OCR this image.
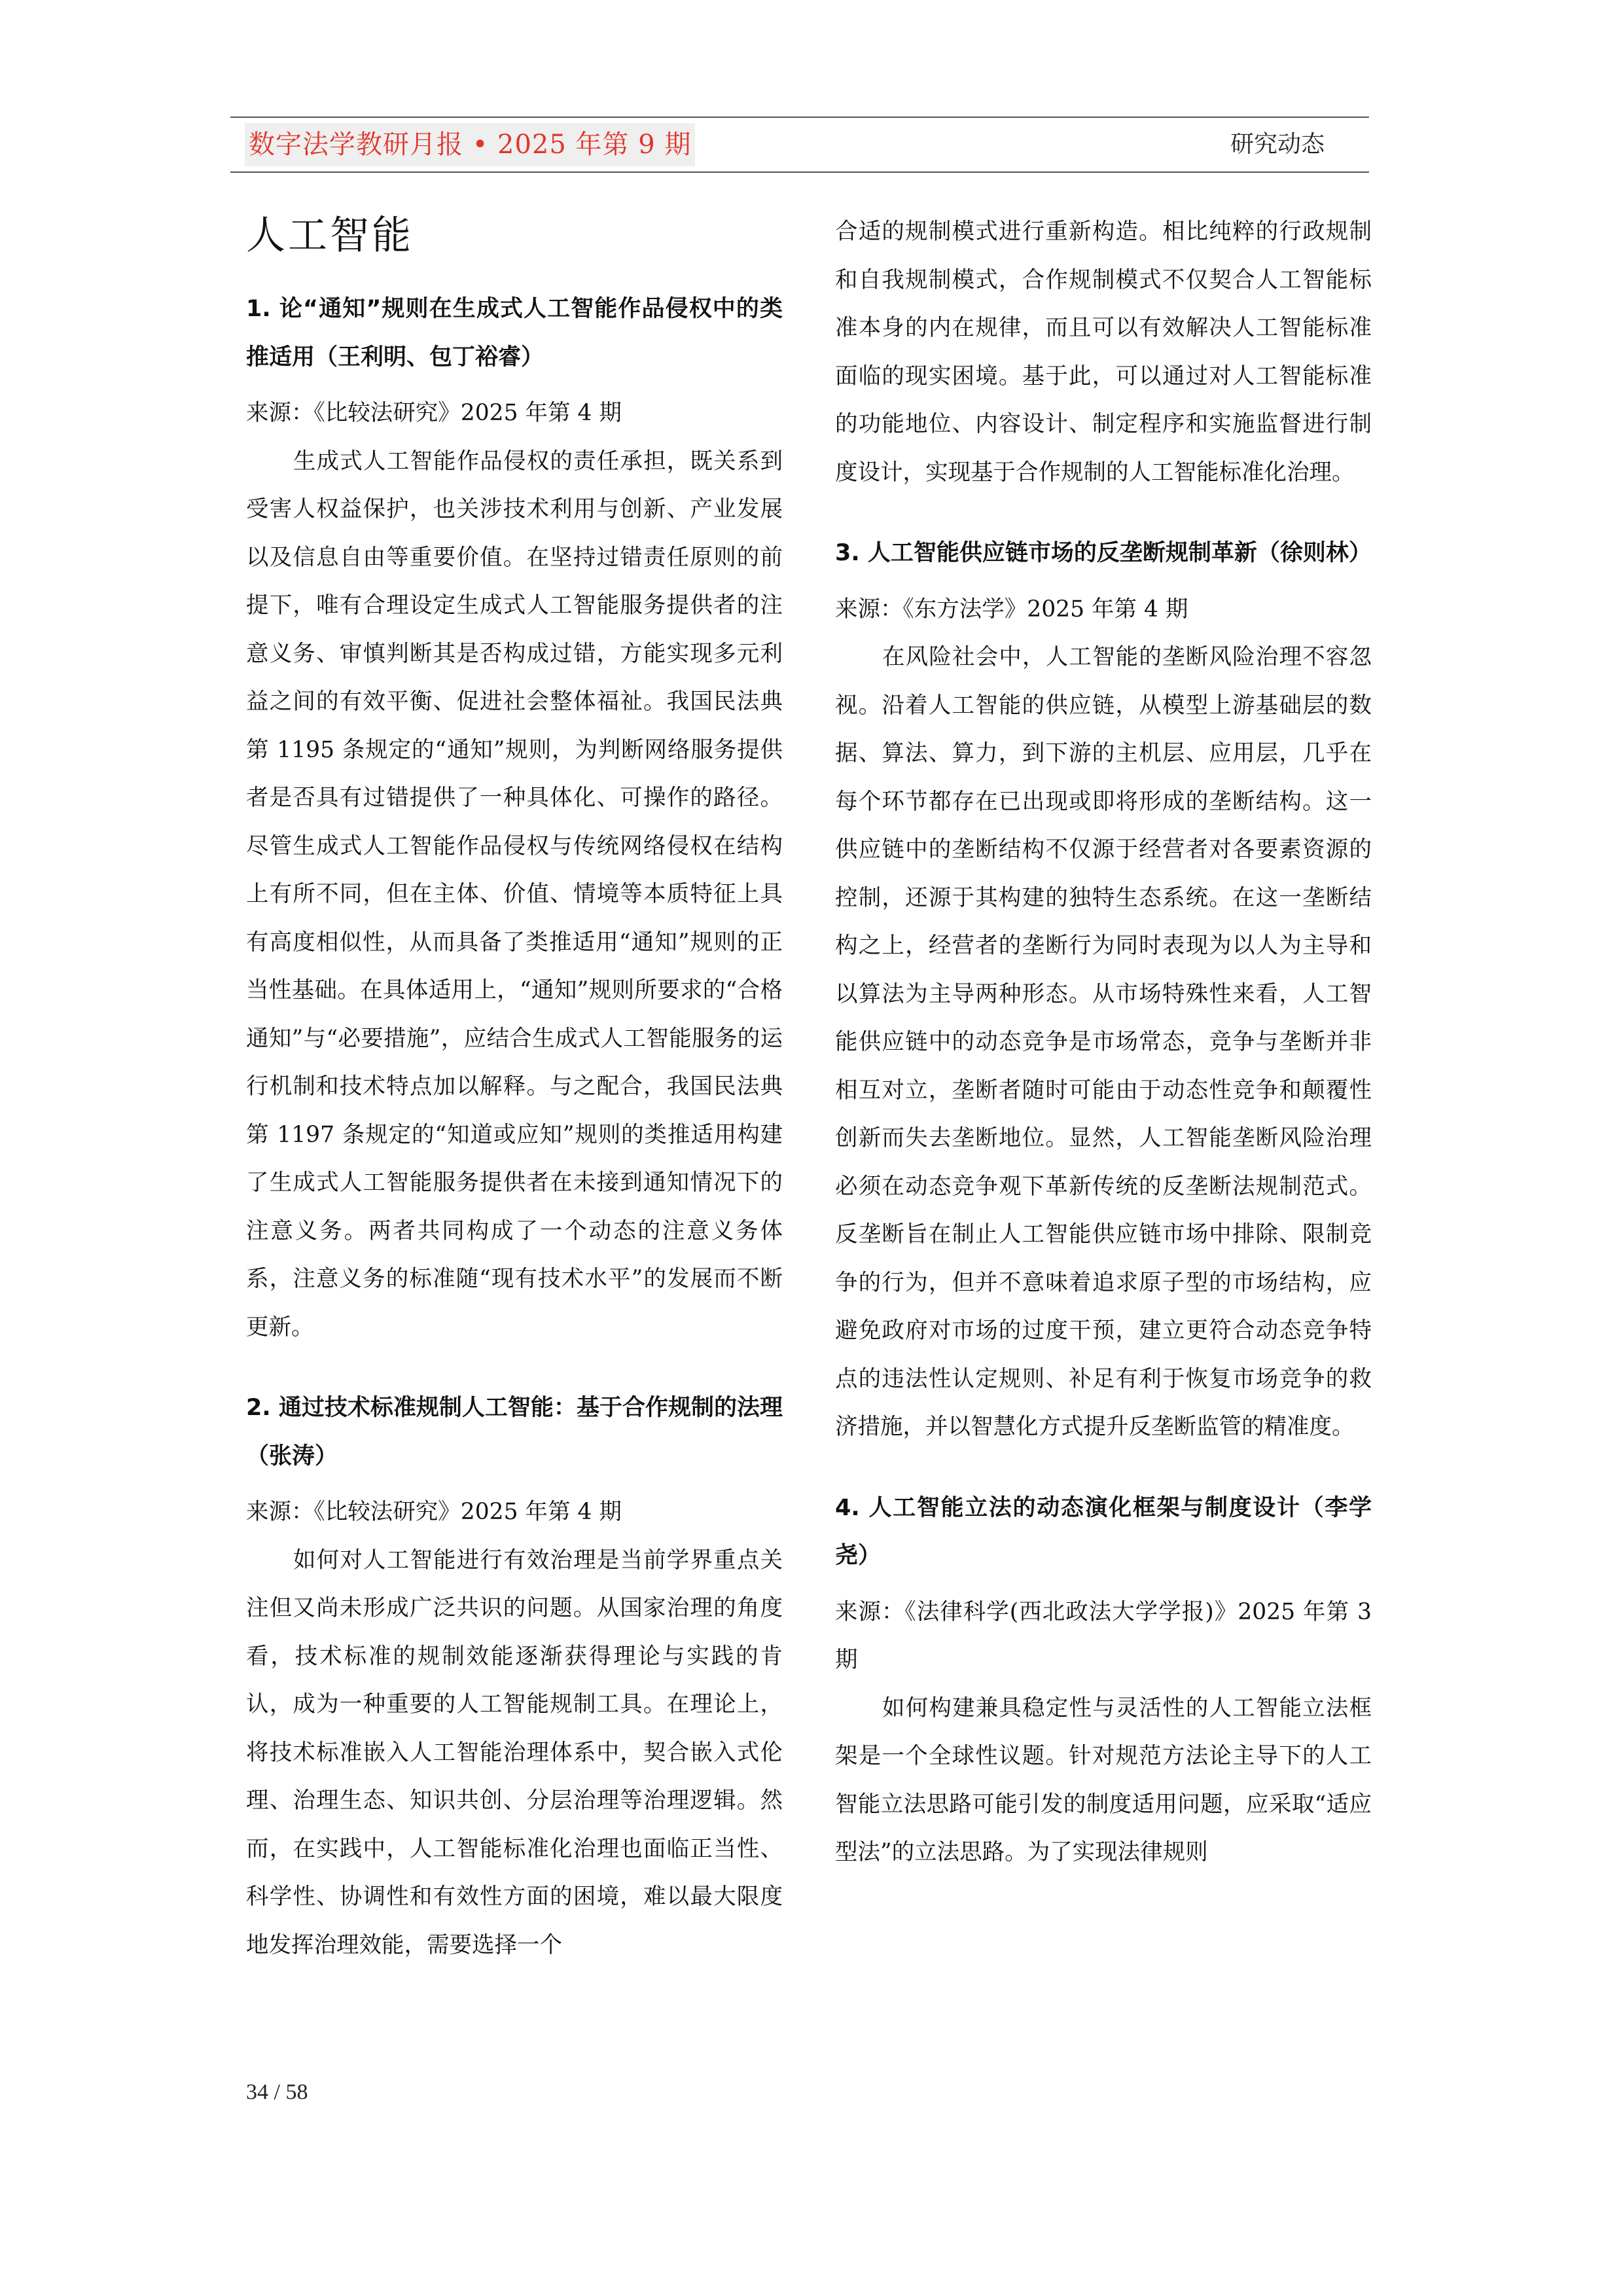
数字法学教研月报 • 2025 年第 9 期	研究动态
人工智能
1. 论“通知”规则在生成式人工智能作品侵权中的类推适用（王利明、包丁裕睿）

来源：《比较法研究》2025 年第 4 期

生成式人工智能作品侵权的责任承担，既关系到受害人权益保护，也关涉技术利用与创新、产业发展以及信息自由等重要价值。在坚持过错责任原则的前提下，唯有合理设定生成式人工智能服务提供者的注意义务、审慎判断其是否构成过错，方能实现多元利益之间的有效平衡、促进社会整体福祉。我国民法典第 1195 条规定的“通知”规则，为判断网络服务提供者是否具有过错提供了一种具体化、可操作的路径。尽管生成式人工智能作品侵权与传统网络侵权在结构上有所不同，但在主体、价值、情境等本质特征上具有高度相似性，从而具备了类推适用“通知”规则的正当性基础。在具体适用上，“通知”规则所要求的“合格通知”与“必要措施”，应结合生成式人工智能服务的运行机制和技术特点加以解释。与之配合，我国民法典第 1197 条规定的“知道或应知”规则的类推适用构建了生成式人工智能服务提供者在未接到通知情况下的注意义务。两者共同构成了一个动态的注意义务体系，注意义务的标准随“现有技术水平”的发展而不断更新。

2. 通过技术标准规制人工智能：基于合作规制的法理（张涛）

来源：《比较法研究》2025 年第 4 期

如何对人工智能进行有效治理是当前学界重点关注但又尚未形成广泛共识的问题。从国家治理的角度看，技术标准的规制效能逐渐获得理论与实践的肯认，成为一种重要的人工智能规制工具。在理论上，将技术标准嵌入人工智能治理体系中，契合嵌入式伦理、治理生态、知识共创、分层治理等治理逻辑。然而，在实践中，人工智能标准化治理也面临正当性、科学性、协调性和有效性方面的困境，难以最大限度地发挥治理效能，需要选择一个

合适的规制模式进行重新构造。相比纯粹的行政规制和自我规制模式，合作规制模式不仅契合人工智能标准本身的内在规律，而且可以有效解决人工智能标准面临的现实困境。基于此，可以通过对人工智能标准的功能地位、内容设计、制定程序和实施监督进行制度设计，实现基于合作规制的人工智能标准化治理。

3. 人工智能供应链市场的反垄断规制革新（徐则林）

来源：《东方法学》2025 年第 4 期

在风险社会中，人工智能的垄断风险治理不容忽视。沿着人工智能的供应链，从模型上游基础层的数据、算法、算力，到下游的主机层、应用层，几乎在每个环节都存在已出现或即将形成的垄断结构。这一供应链中的垄断结构不仅源于经营者对各要素资源的控制，还源于其构建的独特生态系统。在这一垄断结构之上，经营者的垄断行为同时表现为以人为主导和以算法为主导两种形态。从市场特殊性来看，人工智能供应链中的动态竞争是市场常态，竞争与垄断并非相互对立，垄断者随时可能由于动态性竞争和颠覆性创新而失去垄断地位。显然，人工智能垄断风险治理必须在动态竞争观下革新传统的反垄断法规制范式。反垄断旨在制止人工智能供应链市场中排除、限制竞争的行为，但并不意味着追求原子型的市场结构，应避免政府对市场的过度干预，建立更符合动态竞争特点的违法性认定规则、补足有利于恢复市场竞争的救济措施，并以智慧化方式提升反垄断监管的精准度。

4. 人工智能立法的动态演化框架与制度设计（李学尧）

来源：《法律科学(西北政法大学学报)》2025 年第 3 期

如何构建兼具稳定性与灵活性的人工智能立法框架是一个全球性议题。针对规范方法论主导下的人工智能立法思路可能引发的制度适用问题，应采取“适应型法”的立法思路。为了实现法律规则

34 / 58
